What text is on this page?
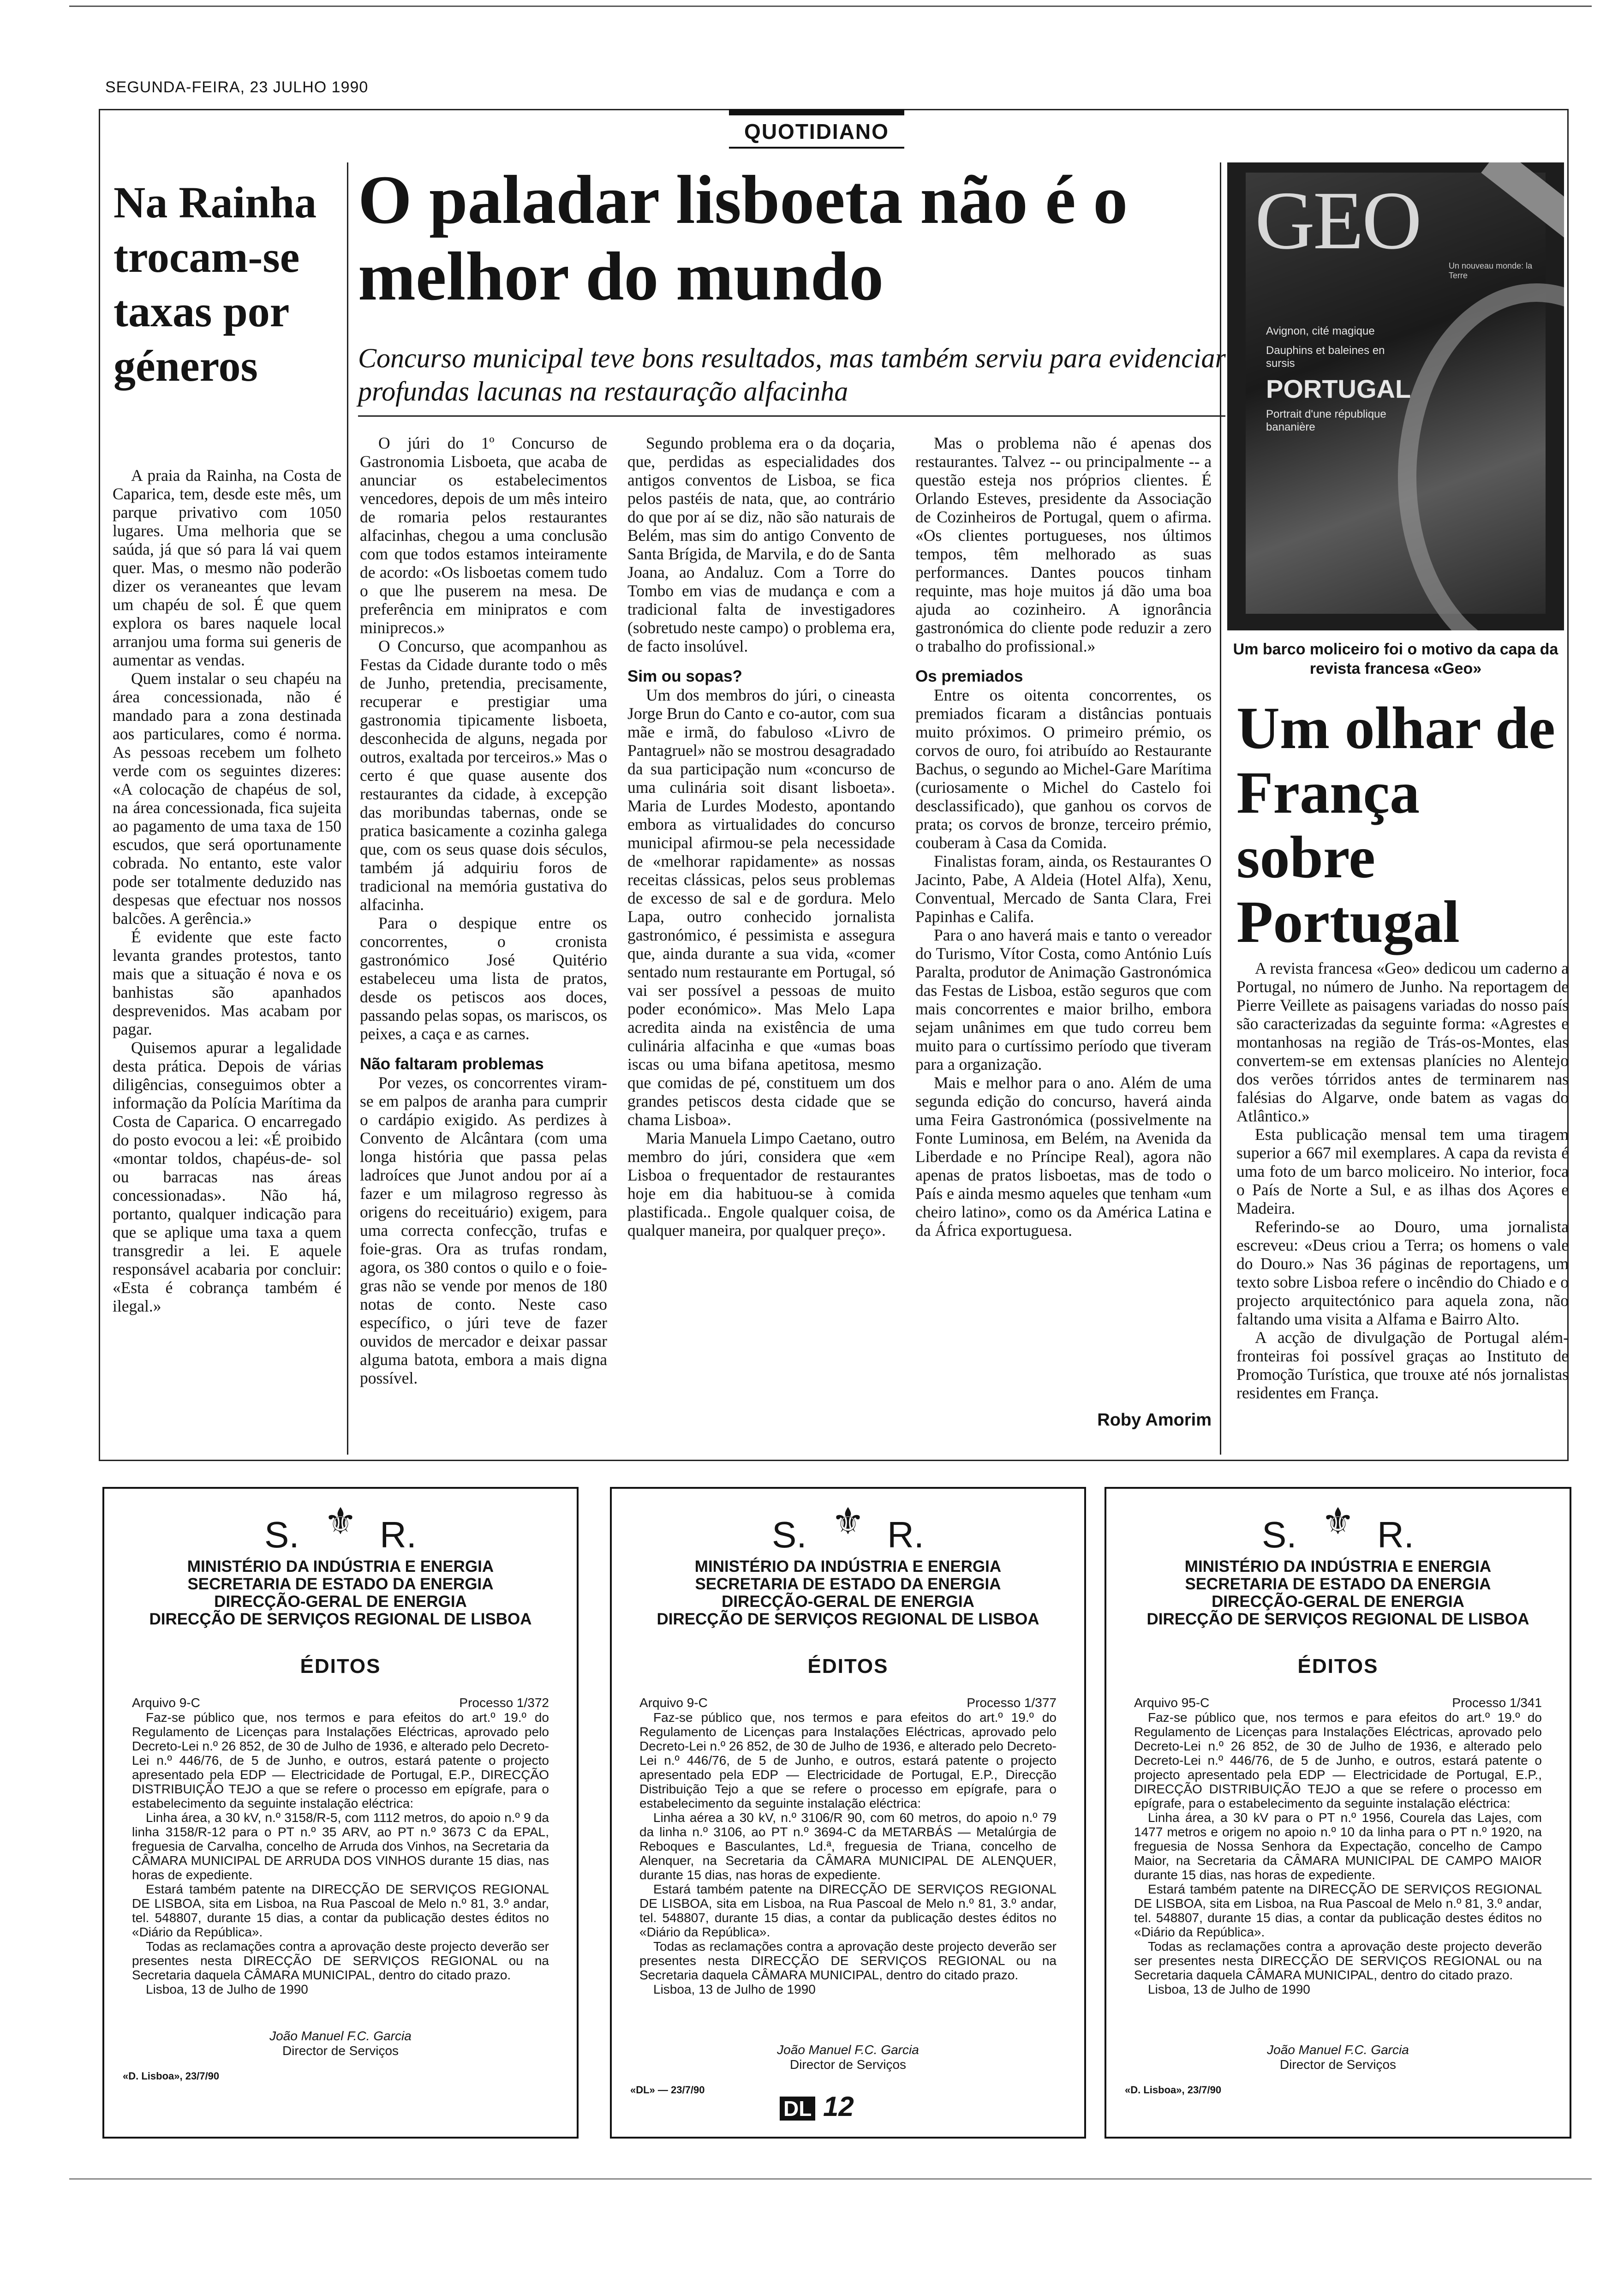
SEGUNDA-FEIRA, 23 JULHO 1990
QUOTIDIANO
Na Rainha trocam-se taxas por géneros

A praia da Rainha, na Costa de Caparica, tem, desde este mês, um parque privativo com 1050 lugares. Uma melhoria que se saúda, já que só para lá vai quem quer. Mas, o mesmo não poderão dizer os veraneantes que levam um chapéu de sol. É que quem explora os bares naquele local arranjou uma forma sui generis de aumentar as vendas.

Quem instalar o seu chapéu na área concessionada, não é mandado para a zona destinada aos particulares, como é norma. As pessoas recebem um folheto verde com os seguintes dizeres: «A colocação de chapéus de sol, na área concessionada, fica sujeita ao pagamento de uma taxa de 150 escudos, que será oportunamente cobrada. No entanto, este valor pode ser totalmente deduzido nas despesas que efectuar nos nossos balcões. A gerência.»

É evidente que este facto levanta grandes protestos, tanto mais que a situação é nova e os banhistas são apanhados desprevenidos. Mas acabam por pagar.

Quisemos apurar a legalidade desta prática. Depois de várias diligências, conseguimos obter a informação da Polícia Marítima da Costa de Caparica. O encarregado do posto evocou a lei: «É proibido «montar toldos, chapéus-de- sol ou barracas nas áreas concessionadas». Não há, portanto, qualquer indicação para que se aplique uma taxa a quem transgredir a lei. E aquele responsável acabaria por concluir: «Esta é cobrança também é ilegal.»

O paladar lisboeta não é o melhor do mundo
Concurso municipal teve bons resultados, mas também serviu para evidenciar profundas lacunas na restauração alfacinha

O júri do 1º Concurso de Gastronomia Lisboeta, que acaba de anunciar os estabelecimentos vencedores, depois de um mês inteiro de romaria pelos restaurantes alfacinhas, chegou a uma conclusão com que todos estamos inteiramente de acordo: «Os lisboetas comem tudo o que lhe puserem na mesa. De preferência em minipratos e com miniprecos.»

O Concurso, que acompanhou as Festas da Cidade durante todo o mês de Junho, pretendia, precisamente, recuperar e prestigiar uma gastronomia tipicamente lisboeta, desconhecida de alguns, negada por outros, exaltada por terceiros.» Mas o certo é que quase ausente dos restaurantes da cidade, à excepção das moribundas tabernas, onde se pratica basicamente a cozinha galega que, com os seus quase dois séculos, também já adquiriu foros de tradicional na memória gustativa do alfacinha.

Para o despique entre os concorrentes, o cronista gastronómico José Quitério estabeleceu uma lista de pratos, desde os petiscos aos doces, passando pelas sopas, os mariscos, os peixes, a caça e as carnes.

Não faltaram problemas

Por vezes, os concorrentes viram-se em palpos de aranha para cumprir o cardápio exigido. As perdizes à Convento de Alcântara (com uma longa história que passa pelas ladroíces que Junot andou por aí a fazer e um milagroso regresso às origens do receituário) exigem, para uma correcta confecção, trufas e foie-gras. Ora as trufas rondam, agora, os 380 contos o quilo e o foie-gras não se vende por menos de 180 notas de conto. Neste caso específico, o júri teve de fazer ouvidos de mercador e deixar passar alguma batota, embora a mais digna possível.

Segundo problema era o da doçaria, que, perdidas as especialidades dos antigos conventos de Lisboa, se fica pelos pastéis de nata, que, ao contrário do que por aí se diz, não são naturais de Belém, mas sim do antigo Convento de Santa Brígida, de Marvila, e do de Santa Joana, ao Andaluz. Com a Torre do Tombo em vias de mudança e com a tradicional falta de investigadores (sobretudo neste campo) o problema era, de facto insolúvel.

Sim ou sopas?

Um dos membros do júri, o cineasta Jorge Brun do Canto e co-autor, com sua mãe e irmã, do fabuloso «Livro de Pantagruel» não se mostrou desagradado da sua participação num «concurso de uma culinária soit disant lisboeta». Maria de Lurdes Modesto, apontando embora as virtualidades do concurso municipal afirmou-se pela necessidade de «melhorar rapidamente» as nossas receitas clássicas, pelos seus problemas de excesso de sal e de gordura. Melo Lapa, outro conhecido jornalista gastronómico, é pessimista e assegura que, ainda durante a sua vida, «comer sentado num restaurante em Portugal, só vai ser possível a pessoas de muito poder económico». Mas Melo Lapa acredita ainda na existência de uma culinária alfacinha e que «umas boas iscas ou uma bifana apetitosa, mesmo que comidas de pé, constituem um dos grandes petiscos desta cidade que se chama Lisboa».

Maria Manuela Limpo Caetano, outro membro do júri, considera que «em Lisboa o frequentador de restaurantes hoje em dia habituou-se à comida plastificada.. Engole qualquer coisa, de qualquer maneira, por qualquer preço».

Mas o problema não é apenas dos restaurantes. Talvez -- ou principalmente -- a questão esteja nos próprios clientes. É Orlando Esteves, presidente da Associação de Cozinheiros de Portugal, quem o afirma. «Os clientes portugueses, nos últimos tempos, têm melhorado as suas performances. Dantes poucos tinham requinte, mas hoje muitos já dão uma boa ajuda ao cozinheiro. A ignorância gastronómica do cliente pode reduzir a zero o trabalho do profissional.»

Os premiados

Entre os oitenta concorrentes, os premiados ficaram a distâncias pontuais muito próximos. O primeiro prémio, os corvos de ouro, foi atribuído ao Restaurante Bachus, o segundo ao Michel-Gare Marítima (curiosamente o Michel do Castelo foi desclassificado), que ganhou os corvos de prata; os corvos de bronze, terceiro prémio, couberam à Casa da Comida.

Finalistas foram, ainda, os Restaurantes O Jacinto, Pabe, A Aldeia (Hotel Alfa), Xenu, Conventual, Mercado de Santa Clara, Frei Papinhas e Califa.

Para o ano haverá mais e tanto o vereador do Turismo, Vítor Costa, como António Luís Paralta, produtor de Animação Gastronómica das Festas de Lisboa, estão seguros que com mais concorrentes e maior brilho, embora sejam unânimes em que tudo correu bem muito para o curtíssimo período que tiveram para a organização.

Mais e melhor para o ano. Além de uma segunda edição do concurso, haverá ainda uma Feira Gastronómica (possivelmente na Fonte Luminosa, em Belém, na Avenida da Liberdade e no Príncipe Real), agora não apenas de pratos lisboetas, mas de todo o País e ainda mesmo aqueles que tenham «um cheiro latino», como os da América Latina e da África exportuguesa.

Roby Amorim
GEO	Un nouveau monde: la Terre
Avignon, cité magique
Dauphins et baleines en sursis
PORTUGAL
Portrait d'une république bananière
Um barco moliceiro foi o motivo da capa da revista francesa «Geo»
Um olhar de França sobre Portugal

A revista francesa «Geo» dedicou um caderno a Portugal, no número de Junho. Na reportagem de Pierre Veillete as paisagens variadas do nosso país são caracterizadas da seguinte forma: «Agrestes e montanhosas na região de Trás-os-Montes, elas convertem-se em extensas planícies no Alentejo dos verões tórridos antes de terminarem nas falésias do Algarve, onde batem as vagas do Atlântico.»

Esta publicação mensal tem uma tiragem superior a 667 mil exemplares. A capa da revista é uma foto de um barco moliceiro. No interior, foca o País de Norte a Sul, e as ilhas dos Açores e Madeira.

Referindo-se ao Douro, uma jornalista escreveu: «Deus criou a Terra; os homens o vale do Douro.» Nas 36 páginas de reportagens, um texto sobre Lisboa refere o incêndio do Chiado e o projecto arquitectónico para aquela zona, não faltando uma visita a Alfama e Bairro Alto.

A acção de divulgação de Portugal além-fronteiras foi possível graças ao Instituto de Promoção Turística, que trouxe até nós jornalistas residentes em França.

⚜
S. R.
MINISTÉRIO DA INDÚSTRIA E ENERGIA
SECRETARIA DE ESTADO DA ENERGIA
DIRECÇÃO-GERAL DE ENERGIA
DIRECÇÃO DE SERVIÇOS REGIONAL DE LISBOA
ÉDITOS
Arquivo 9-C	Processo 1/372

Faz-se público que, nos termos e para efeitos do art.º 19.º do Regulamento de Licenças para Instalações Eléctricas, aprovado pelo Decreto-Lei n.º 26 852, de 30 de Julho de 1936, e alterado pelo Decreto-Lei n.º 446/76, de 5 de Junho, e outros, estará patente o projecto apresentado pela EDP — Electricidade de Portugal, E.P., DIRECÇÃO DISTRIBUIÇÃO TEJO a que se refere o processo em epígrafe, para o estabelecimento da seguinte instalação eléctrica:

Linha área, a 30 kV, n.º 3158/R-5, com 1112 metros, do apoio n.º 9 da linha 3158/R-12 para o PT n.º 35 ARV, ao PT n.º 3673 C da EPAL, freguesia de Carvalha, concelho de Arruda dos Vinhos, na Secretaria da CÂMARA MUNICIPAL DE ARRUDA DOS VINHOS durante 15 dias, nas horas de expediente.

Estará também patente na DIRECÇÃO DE SERVIÇOS REGIONAL DE LISBOA, sita em Lisboa, na Rua Pascoal de Melo n.º 81, 3.º andar, tel. 548807, durante 15 dias, a contar da publicação destes éditos no «Diário da República».

Todas as reclamações contra a aprovação deste projecto deverão ser presentes nesta DIRECÇÃO DE SERVIÇOS REGIONAL ou na Secretaria daquela CÂMARA MUNICIPAL, dentro do citado prazo.

Lisboa, 13 de Julho de 1990

João Manuel F.C. Garcia
Director de Serviços
«D. Lisboa», 23/7/90
⚜
S. R.
MINISTÉRIO DA INDÚSTRIA E ENERGIA
SECRETARIA DE ESTADO DA ENERGIA
DIRECÇÃO-GERAL DE ENERGIA
DIRECÇÃO DE SERVIÇOS REGIONAL DE LISBOA
ÉDITOS
Arquivo 9-C	Processo 1/377

Faz-se público que, nos termos e para efeitos do art.º 19.º do Regulamento de Licenças para Instalações Eléctricas, aprovado pelo Decreto-Lei n.º 26 852, de 30 de Julho de 1936, e alterado pelo Decreto-Lei n.º 446/76, de 5 de Junho, e outros, estará patente o projecto apresentado pela EDP — Electricidade de Portugal, E.P., Direcção Distribuição Tejo a que se refere o processo em epígrafe, para o estabelecimento da seguinte instalação eléctrica:

Linha aérea a 30 kV, n.º 3106/R 90, com 60 metros, do apoio n.º 79 da linha n.º 3106, ao PT n.º 3694-C da METARBÁS — Metalúrgia de Reboques e Basculantes, Ld.ª, freguesia de Triana, concelho de Alenquer, na Secretaria da CÂMARA MUNICIPAL DE ALENQUER, durante 15 dias, nas horas de expediente.

Estará também patente na DIRECÇÃO DE SERVIÇOS REGIONAL DE LISBOA, sita em Lisboa, na Rua Pascoal de Melo n.º 81, 3.º andar, tel. 548807, durante 15 dias, a contar da publicação destes éditos no «Diário da República».

Todas as reclamações contra a aprovação deste projecto deverão ser presentes nesta DIRECÇÃO DE SERVIÇOS REGIONAL ou na Secretaria daquela CÂMARA MUNICIPAL, dentro do citado prazo.

Lisboa, 13 de Julho de 1990

João Manuel F.C. Garcia
Director de Serviços
«DL» — 23/7/90
⚜
S. R.
MINISTÉRIO DA INDÚSTRIA E ENERGIA
SECRETARIA DE ESTADO DA ENERGIA
DIRECÇÃO-GERAL DE ENERGIA
DIRECÇÃO DE SERVIÇOS REGIONAL DE LISBOA
ÉDITOS
Arquivo 95-C	Processo 1/341

Faz-se público que, nos termos e para efeitos do art.º 19.º do Regulamento de Licenças para Instalações Eléctricas, aprovado pelo Decreto-Lei n.º 26 852, de 30 de Julho de 1936, e alterado pelo Decreto-Lei n.º 446/76, de 5 de Junho, e outros, estará patente o projecto apresentado pela EDP — Electricidade de Portugal, E.P., DIRECÇÃO DISTRIBUIÇÃO TEJO a que se refere o processo em epígrafe, para o estabelecimento da seguinte instalação eléctrica:

Linha área, a 30 kV para o PT n.º 1956, Courela das Lajes, com 1477 metros e origem no apoio n.º 10 da linha para o PT n.º 1920, na freguesia de Nossa Senhora da Expectação, concelho de Campo Maior, na Secretaria da CÂMARA MUNICIPAL DE CAMPO MAIOR durante 15 dias, nas horas de expediente.

Estará também patente na DIRECÇÃO DE SERVIÇOS REGIONAL DE LISBOA, sita em Lisboa, na Rua Pascoal de Melo n.º 81, 3.º andar, tel. 548807, durante 15 dias, a contar da publicação destes éditos no «Diário da República».

Todas as reclamações contra a aprovação deste projecto deverão ser presentes nesta DIRECÇÃO DE SERVIÇOS REGIONAL ou na Secretaria daquela CÂMARA MUNICIPAL, dentro do citado prazo.

Lisboa, 13 de Julho de 1990

João Manuel F.C. Garcia
Director de Serviços
«D. Lisboa», 23/7/90
DL 12
